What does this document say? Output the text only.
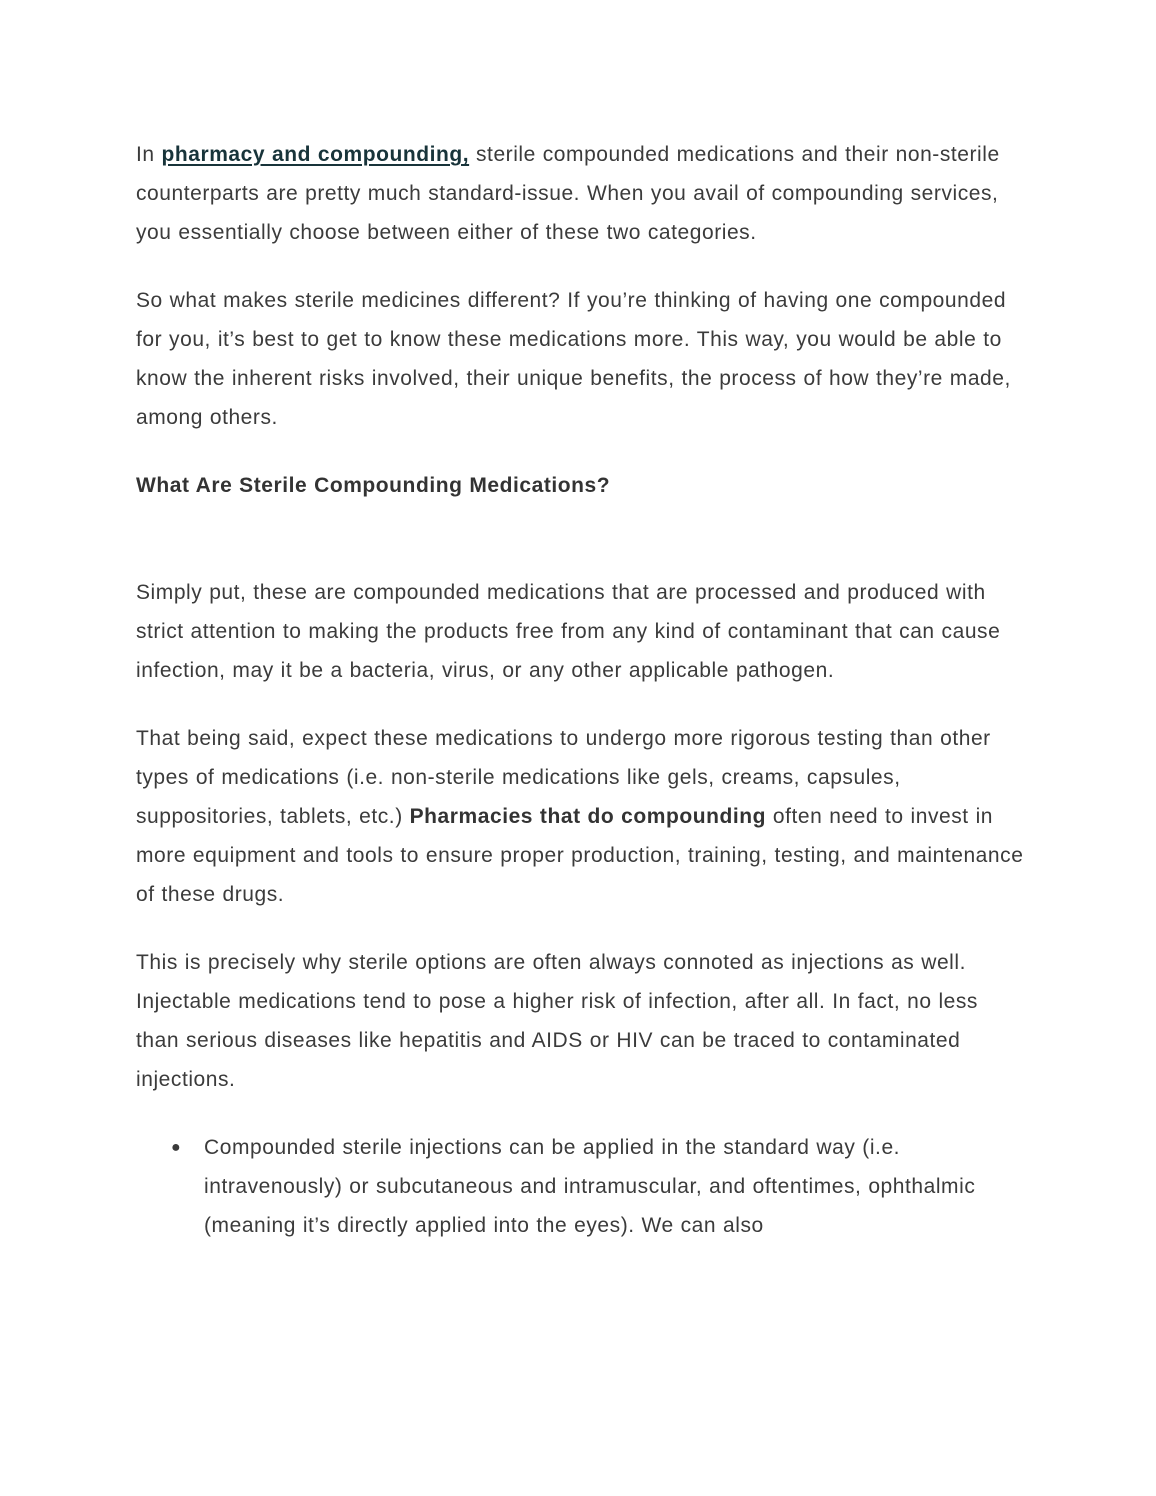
In pharmacy and compounding, sterile compounded medications and their non-sterile counterparts are pretty much standard-issue. When you avail of compounding services, you essentially choose between either of these two categories.

So what makes sterile medicines different? If you’re thinking of having one compounded for you, it’s best to get to know these medications more. This way, you would be able to know the inherent risks involved, their unique benefits, the process of how they’re made, among others.

What Are Sterile Compounding Medications?

Simply put, these are compounded medications that are processed and produced with strict attention to making the products free from any kind of contaminant that can cause infection, may it be a bacteria, virus, or any other applicable pathogen.

That being said, expect these medications to undergo more rigorous testing than other types of medications (i.e. non-sterile medications like gels, creams, capsules, suppositories, tablets, etc.) Pharmacies that do compounding often need to invest in more equipment and tools to ensure proper production, training, testing, and maintenance of these drugs.

This is precisely why sterile options are often always connoted as injections as well. Injectable medications tend to pose a higher risk of infection, after all. In fact, no less than serious diseases like hepatitis and AIDS or HIV can be traced to contaminated injections.

● Compounded sterile injections can be applied in the standard way (i.e. intravenously) or subcutaneous and intramuscular, and oftentimes, ophthalmic (meaning it’s directly applied into the eyes). We can also
